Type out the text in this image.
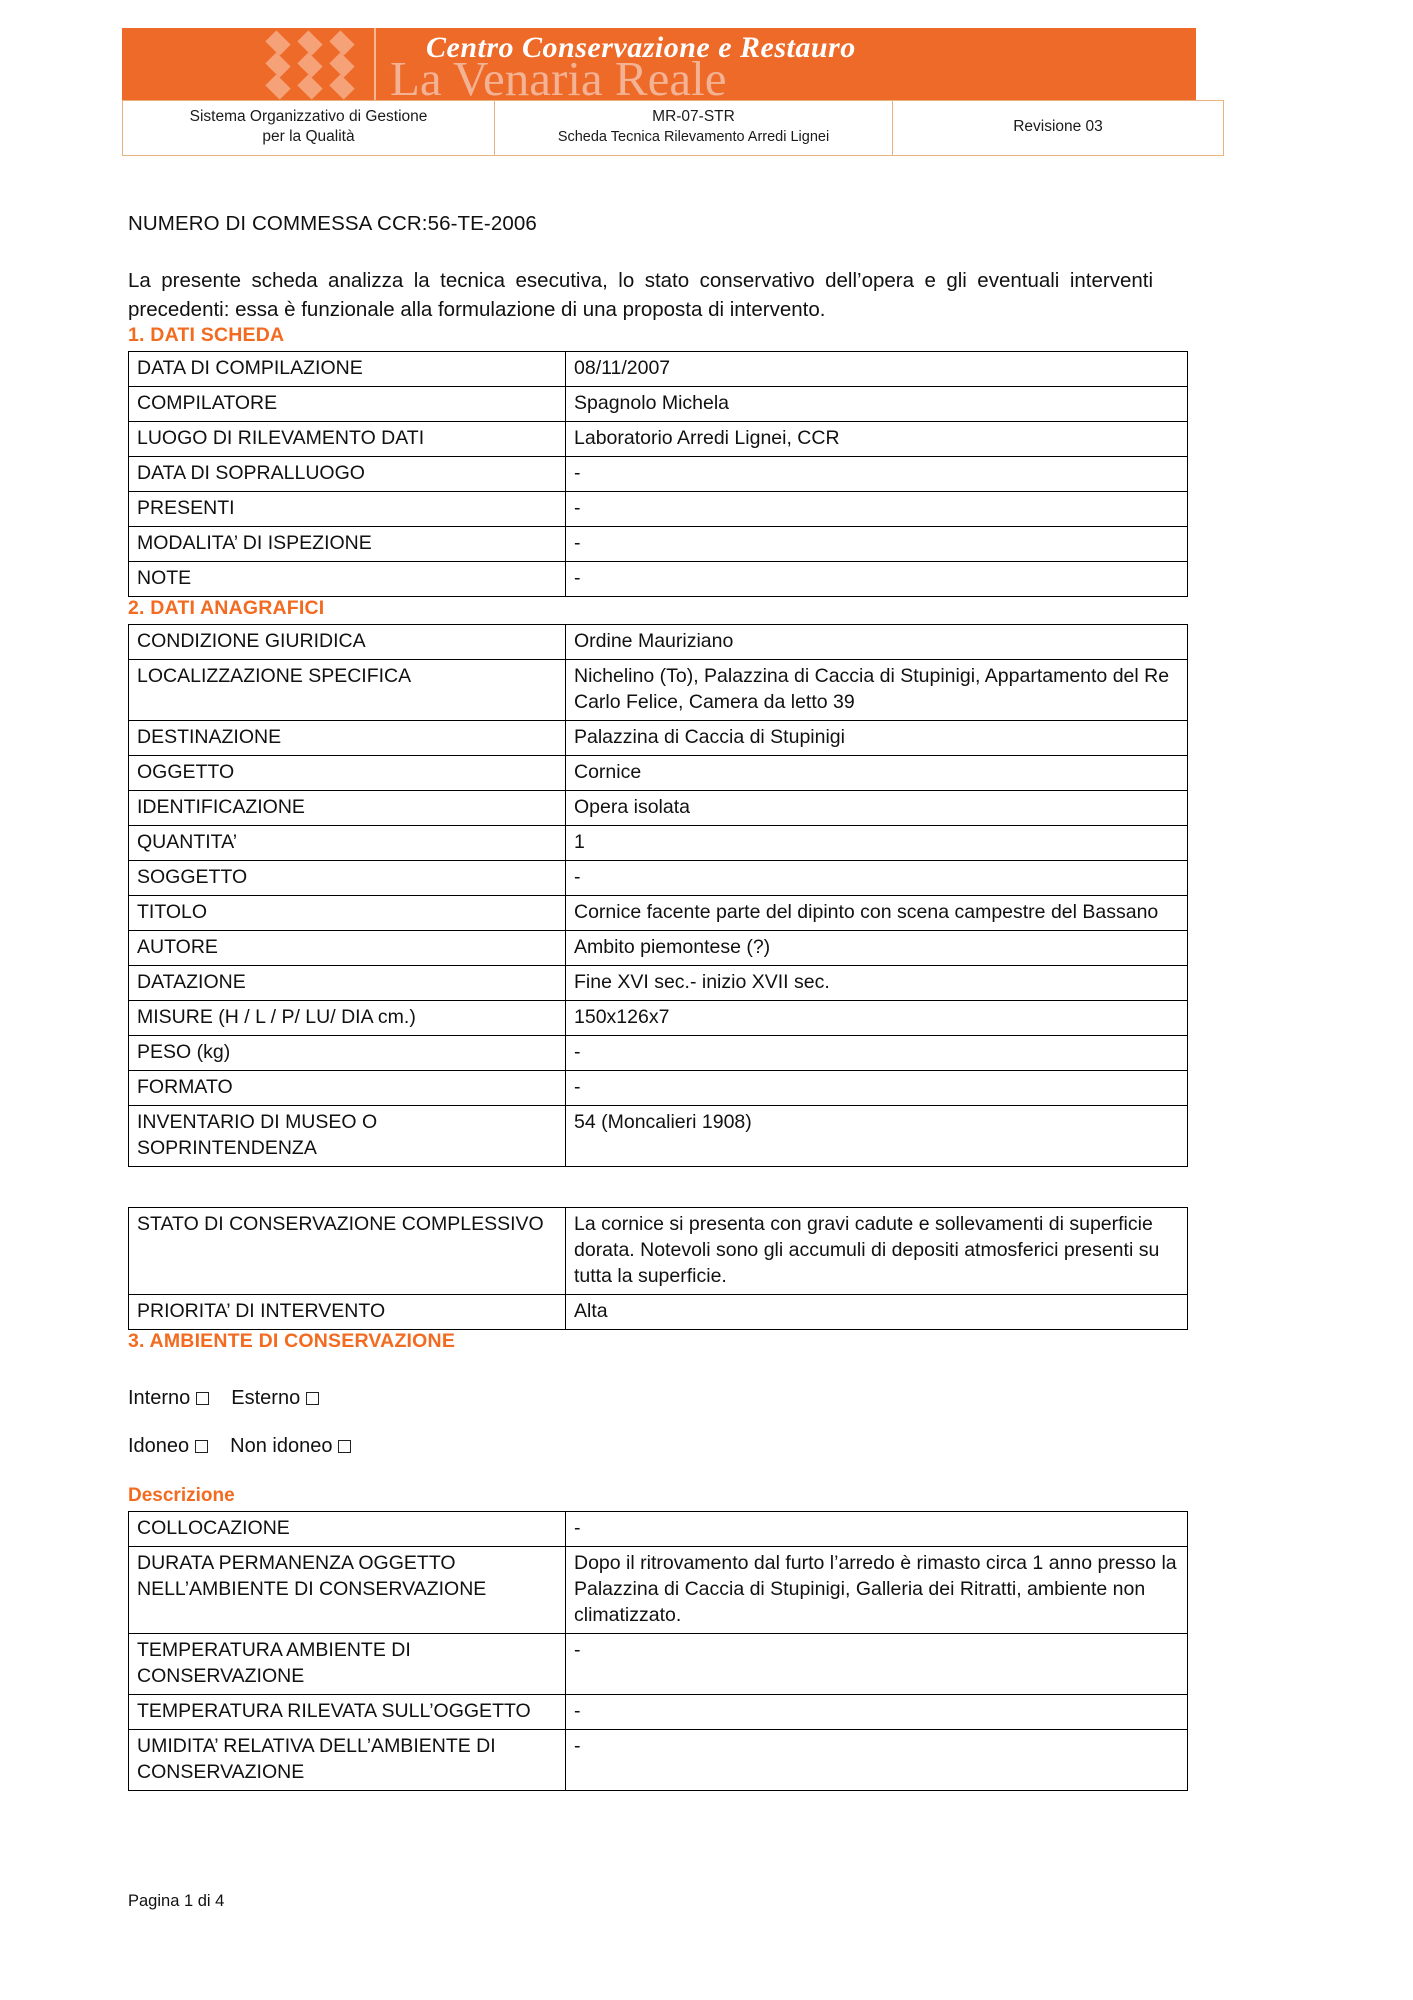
Centro Conservazione e Restauro
La Venaria Reale
Sistema Organizzativo di Gestione
per la Qualità

MR-07-STR
Scheda Tecnica Rilevamento Arredi Lignei

Revisione 03

NUMERO DI COMMESSA CCR:56-TE-2006

La presente scheda analizza la tecnica esecutiva, lo stato conservativo dell’opera e gli eventuali interventi precedenti: essa è funzionale alla formulazione di una proposta di intervento.

1. DATI SCHEDA
DATA DI COMPILAZIONE	08/11/2007
COMPILATORE	Spagnolo Michela
LUOGO DI RILEVAMENTO DATI	Laboratorio Arredi Lignei, CCR
DATA DI SOPRALLUOGO	-
PRESENTI	-
MODALITA’ DI ISPEZIONE	-
NOTE	-
2. DATI ANAGRAFICI
CONDIZIONE GIURIDICA	Ordine Mauriziano
LOCALIZZAZIONE SPECIFICA	Nichelino (To), Palazzina di Caccia di Stupinigi, Appartamento del Re Carlo Felice, Camera da letto 39
DESTINAZIONE	Palazzina di Caccia di Stupinigi
OGGETTO	Cornice
IDENTIFICAZIONE	Opera isolata
QUANTITA’	1
SOGGETTO	-
TITOLO	Cornice facente parte del dipinto con scena campestre del Bassano
AUTORE	Ambito piemontese (?)
DATAZIONE	Fine XVI sec.- inizio XVII sec.
MISURE (H / L / P/ LU/ DIA cm.)	150x126x7
PESO (kg)	-
FORMATO	-
INVENTARIO DI MUSEO O SOPRINTENDENZA	54 (Moncalieri 1908)
STATO DI CONSERVAZIONE COMPLESSIVO	La cornice si presenta con gravi cadute e sollevamenti di superficie dorata. Notevoli sono gli accumuli di depositi atmosferici presenti su tutta la superficie.
PRIORITA’ DI INTERVENTO	Alta
3. AMBIENTE DI CONSERVAZIONE

Interno Esterno

Idoneo Non idoneo

Descrizione
COLLOCAZIONE	-
DURATA PERMANENZA OGGETTO NELL’AMBIENTE DI CONSERVAZIONE	Dopo il ritrovamento dal furto l’arredo è rimasto circa 1 anno presso la Palazzina di Caccia di Stupinigi, Galleria dei Ritratti, ambiente non climatizzato.
TEMPERATURA AMBIENTE DI CONSERVAZIONE	-
TEMPERATURA RILEVATA SULL’OGGETTO	-
UMIDITA’ RELATIVA DELL’AMBIENTE DI CONSERVAZIONE	-
Pagina 1 di 4
